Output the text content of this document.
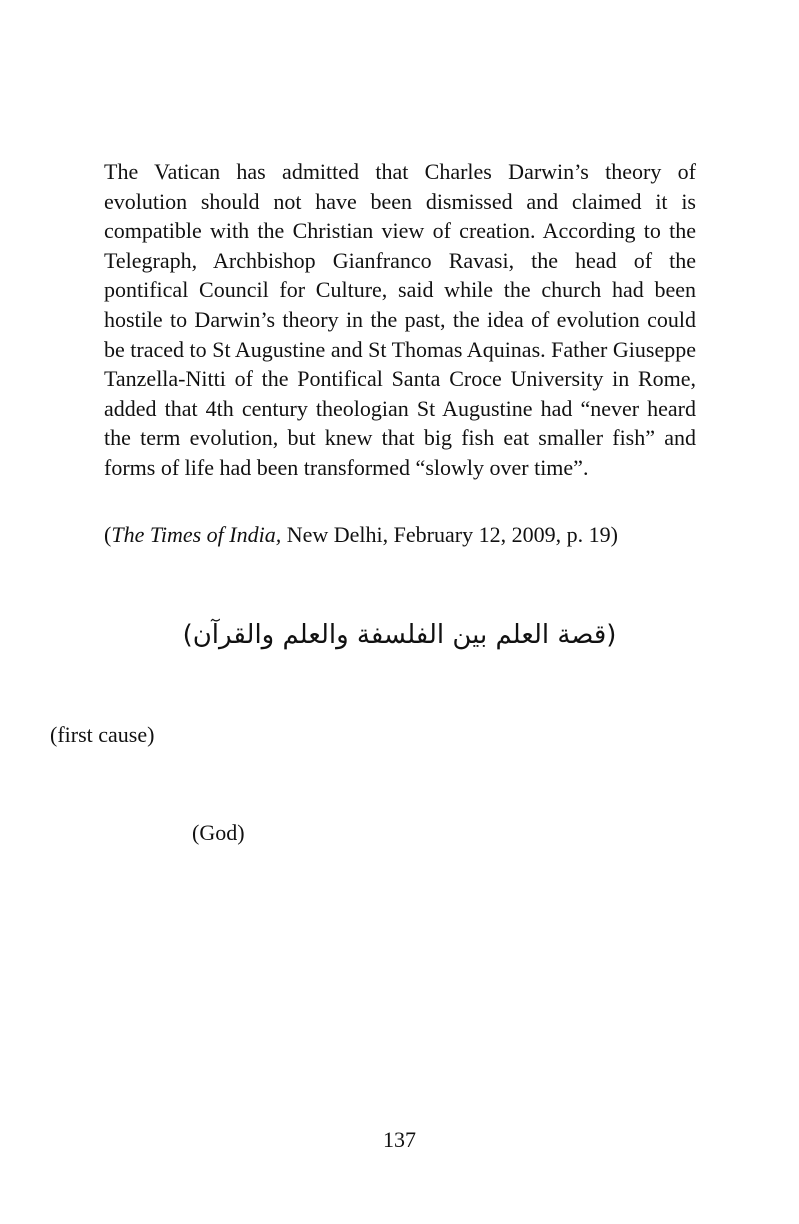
The Vatican has admitted that Charles Darwin’s theory of evolution should not have been dismissed and claimed it is compatible with the Christian view of creation. According to the Telegraph, Archbishop Gianfranco Ravasi, the head of the pontifical Council for Culture, said while the church had been hostile to Darwin’s theory in the past, the idea of evolution could be traced to St Augustine and St Thomas Aquinas. Father Giuseppe Tanzella-Nitti of the Pontifical Santa Croce University in Rome, added that 4th century theologian St Augustine had “never heard the term evolution, but knew that big fish eat smaller fish” and forms of life had been transformed “slowly over time”.

(The Times of India, New Delhi, February 12, 2009, p. 19)

(قصة العلم بين الفلسفة والعلم والقرآن)

(first cause)

(God)

137
